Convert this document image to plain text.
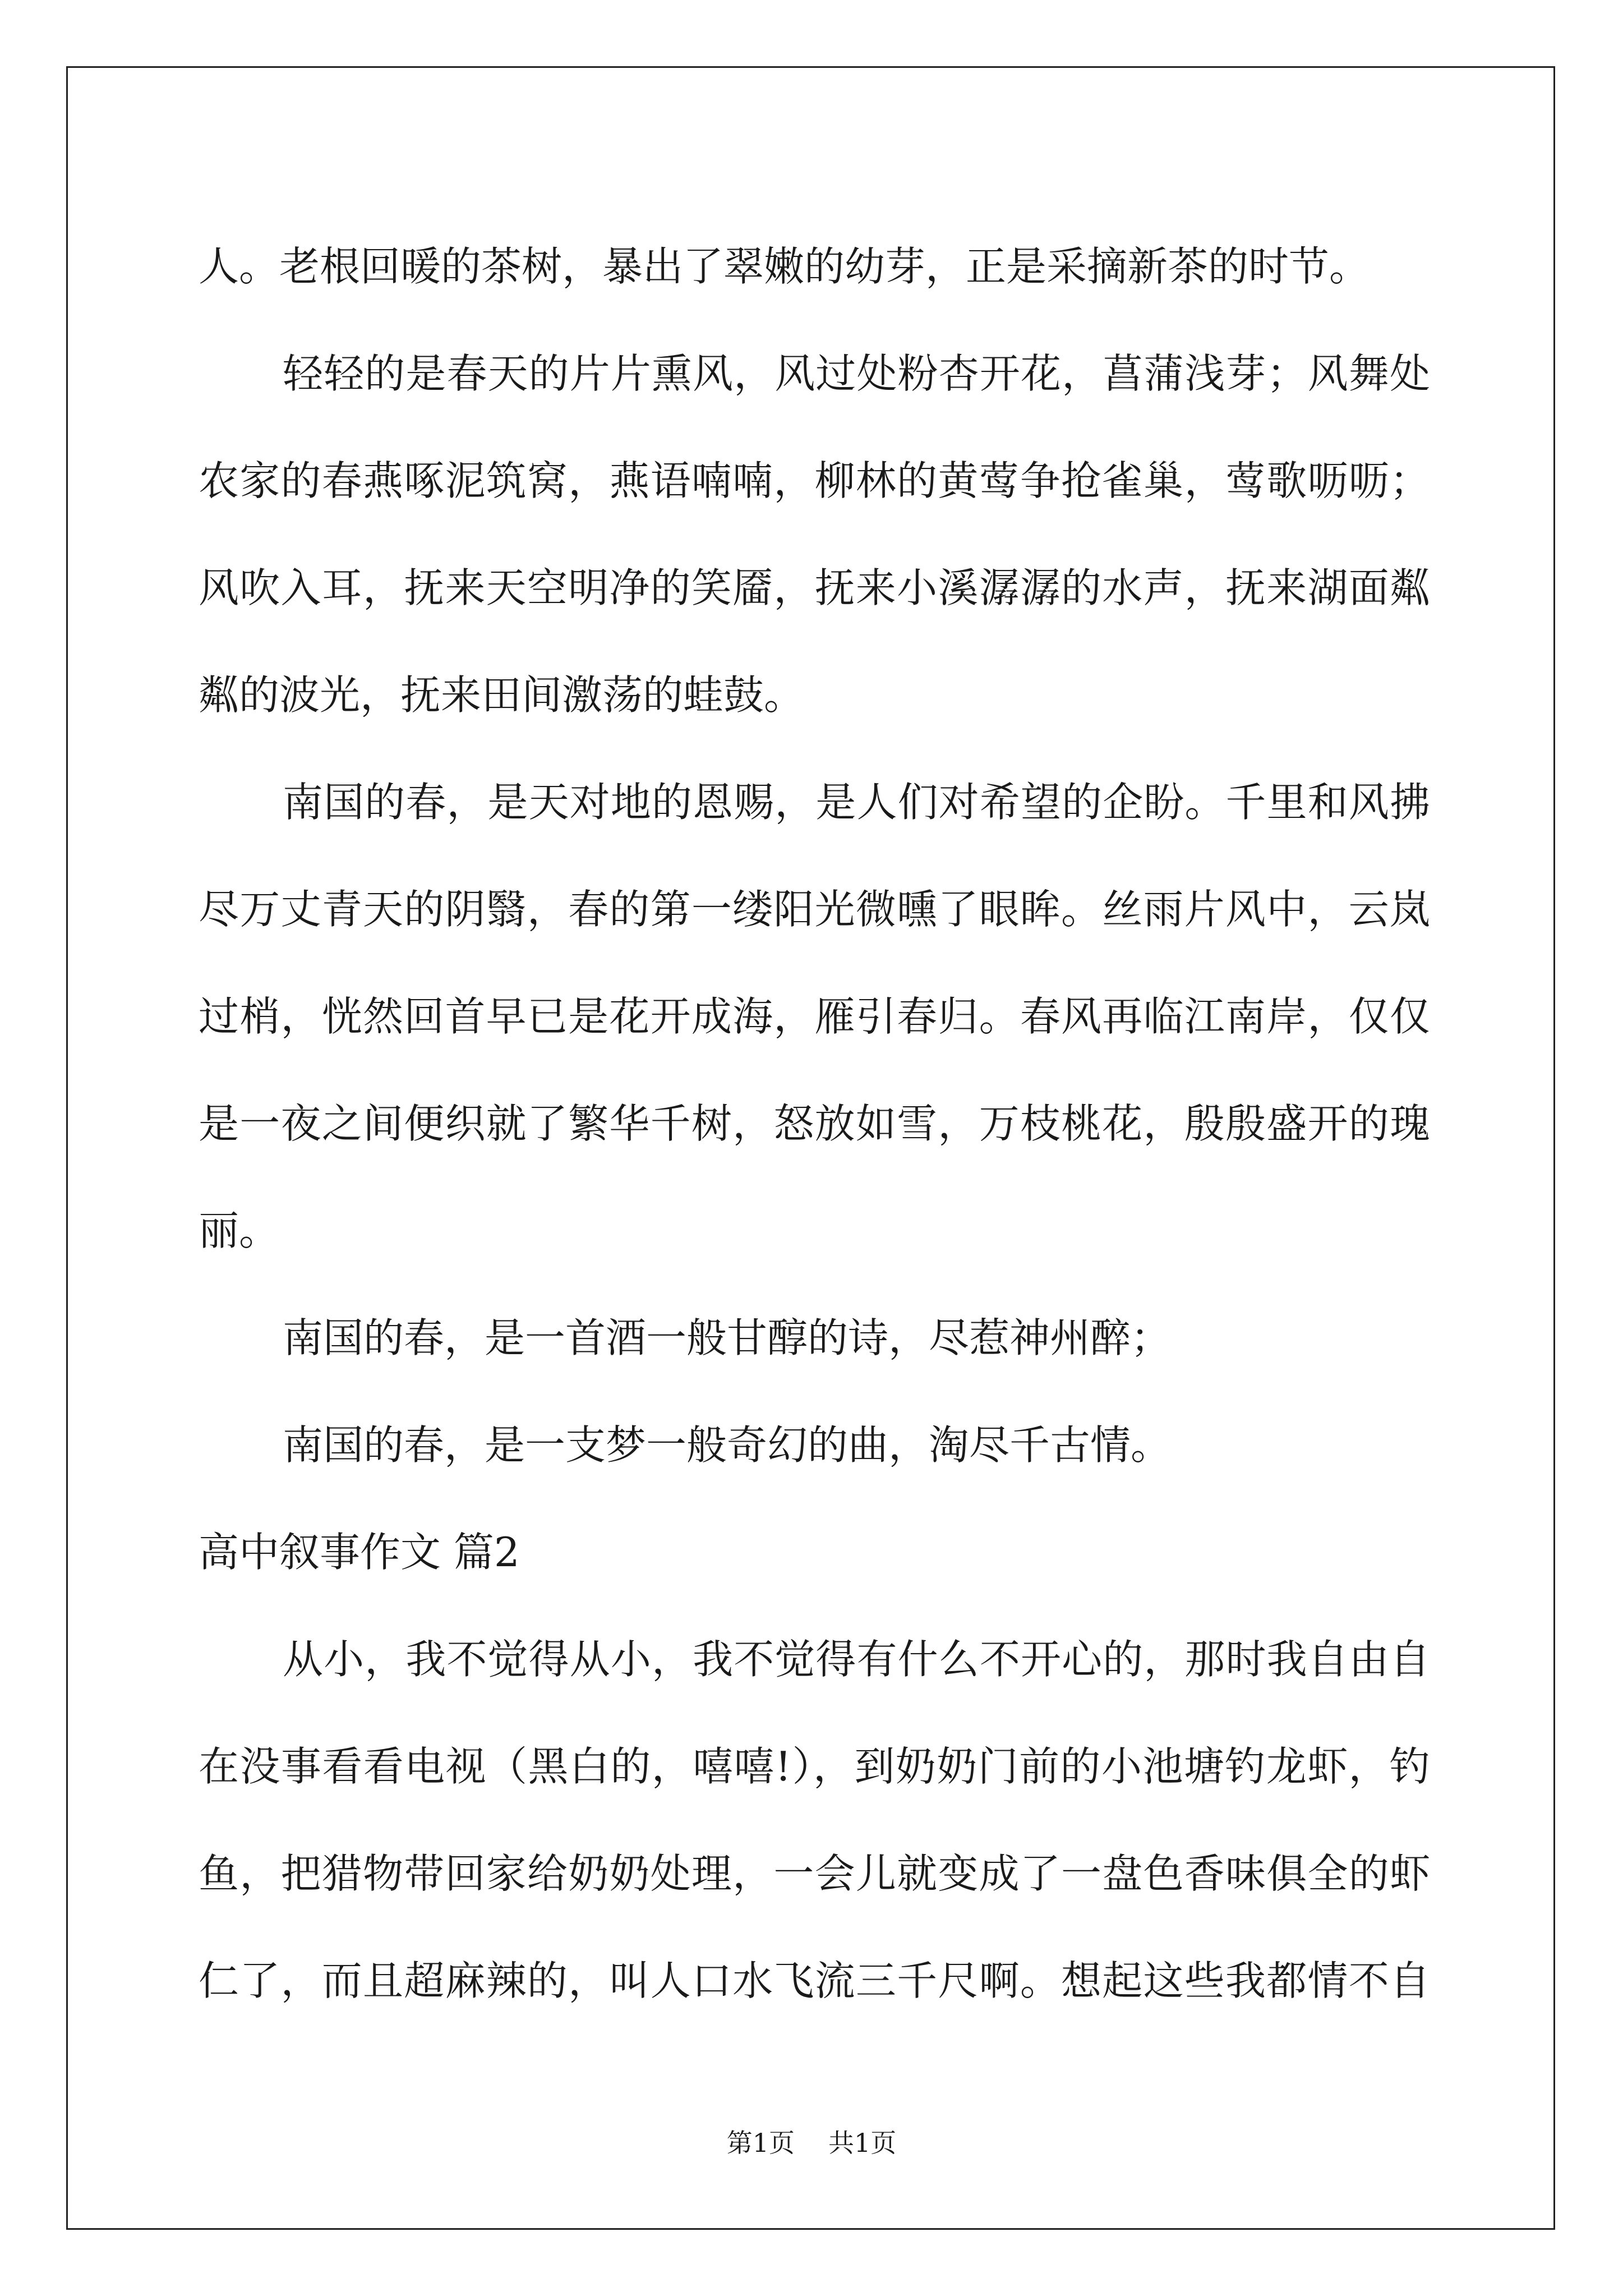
人。老根回暖的茶树，暴出了翠嫩的幼芽，正是采摘新茶的时节。

轻轻的是春天的片片熏风，风过处粉杏开花，菖蒲浅芽；风舞处

农家的春燕啄泥筑窝，燕语喃喃，柳林的黄莺争抢雀巢，莺歌呖呖；

风吹入耳，抚来天空明净的笑靥，抚来小溪潺潺的水声，抚来湖面粼

粼的波光，抚来田间激荡的蛙鼓。

南国的春，是天对地的恩赐，是人们对希望的企盼。千里和风拂

尽万丈青天的阴翳，春的第一缕阳光微曛了眼眸。丝雨片风中，云岚

过梢，恍然回首早已是花开成海，雁引春归。春风再临江南岸，仅仅

是一夜之间便织就了繁华千树，怒放如雪，万枝桃花，殷殷盛开的瑰

丽。

南国的春，是一首酒一般甘醇的诗，尽惹神州醉；

南国的春，是一支梦一般奇幻的曲，淘尽千古情。

高中叙事作文 篇2

从小，我不觉得从小，我不觉得有什么不开心的，那时我自由自

在没事看看电视（黑白的，嘻嘻!），到奶奶门前的小池塘钓龙虾，钓

鱼，把猎物带回家给奶奶处理，一会儿就变成了一盘色香味俱全的虾

仁了，而且超麻辣的，叫人口水飞流三千尺啊。想起这些我都情不自

第1页 共1页
